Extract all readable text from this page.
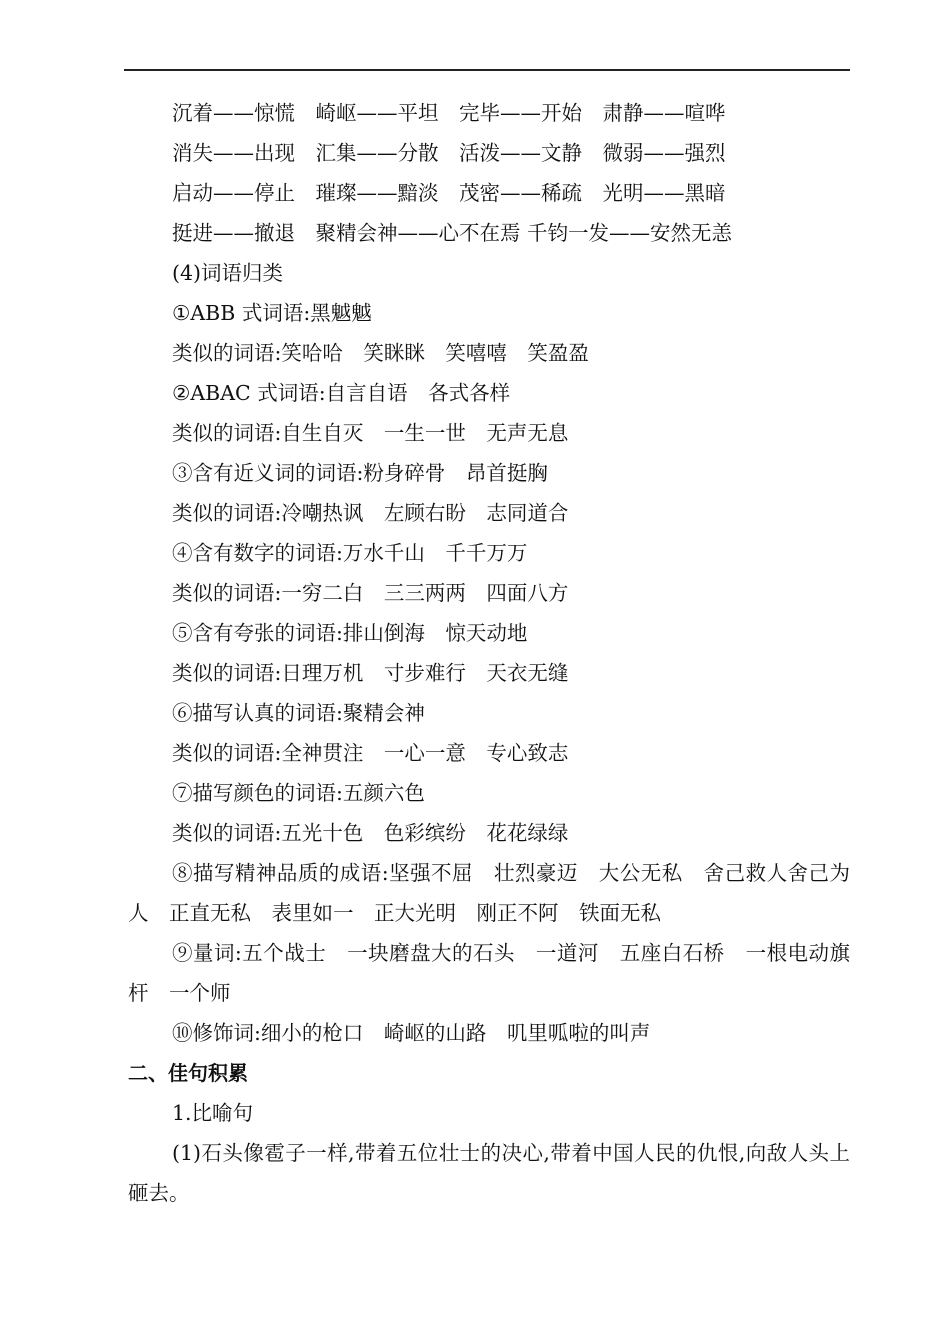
沉着——惊慌　崎岖——平坦　完毕——开始　肃静——喧哗
消失——出现　汇集——分散　活泼——文静　微弱——强烈
启动——停止　璀璨——黯淡　茂密——稀疏　光明——黑暗
挺进——撤退　聚精会神——心不在焉 千钧一发——安然无恙
(4)词语归类
①ABB 式词语:黑魆魆
类似的词语:笑哈哈　笑眯眯　笑嘻嘻　笑盈盈
②ABAC 式词语:自言自语　各式各样
类似的词语:自生自灭　一生一世　无声无息
③含有近义词的词语:粉身碎骨　昂首挺胸
类似的词语:冷嘲热讽　左顾右盼　志同道合
④含有数字的词语:万水千山　千千万万
类似的词语:一穷二白　三三两两　四面八方
⑤含有夸张的词语:排山倒海　惊天动地
类似的词语:日理万机　寸步难行　天衣无缝
⑥描写认真的词语:聚精会神
类似的词语:全神贯注　一心一意　专心致志
⑦描写颜色的词语:五颜六色
类似的词语:五光十色　色彩缤纷　花花绿绿
⑧描写精神品质的成语:坚强不屈　壮烈豪迈　大公无私　舍己救人舍己为人　正直无私　表里如一　正大光明　刚正不阿　铁面无私
⑨量词:五个战士　一块磨盘大的石头　一道河　五座白石桥　一根电动旗杆　一个师
⑩修饰词:细小的枪口　崎岖的山路　叽里呱啦的叫声
二、佳句积累
1.比喻句
(1)石头像雹子一样,带着五位壮士的决心,带着中国人民的仇恨,向敌人头上砸去。
